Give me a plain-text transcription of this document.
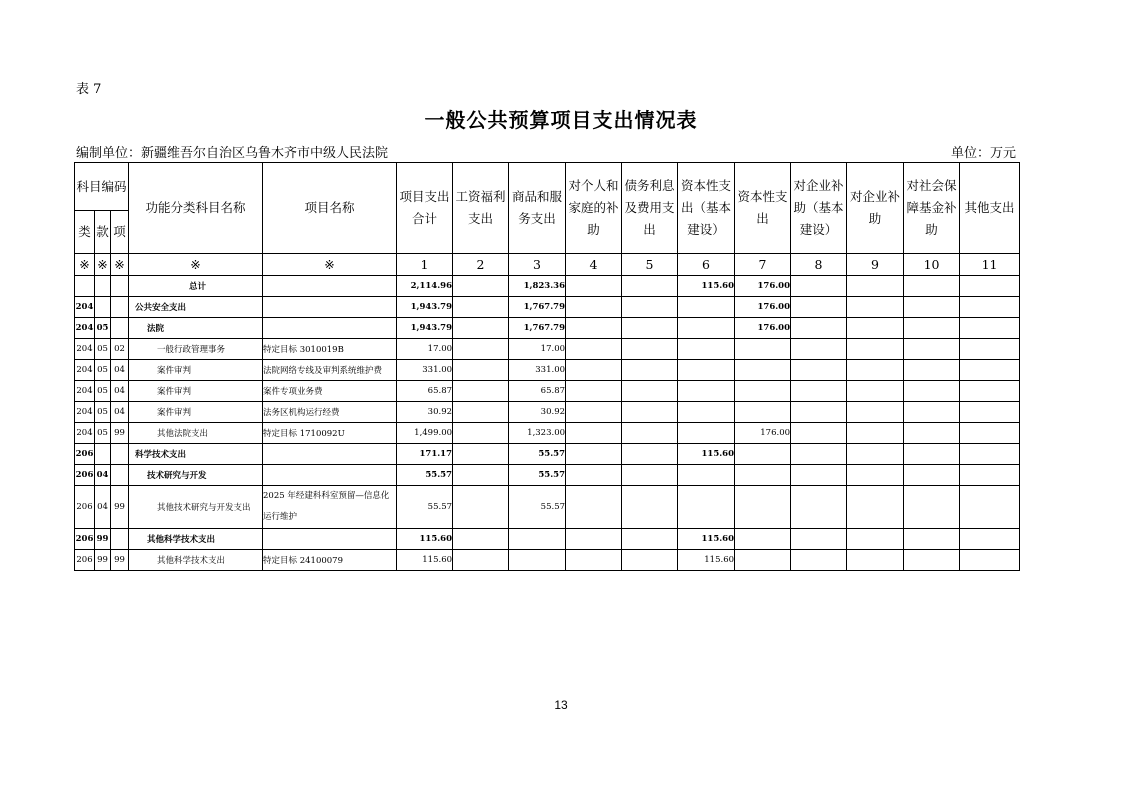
表 7
一般公共预算项目支出情况表
编制单位：新疆维吾尔自治区乌鲁木齐市中级人民法院	单位：万元
科目编码			功能分类科目名称	项目名称	项目支出合计	工资福利支出	商品和服务支出	对个人和家庭的补助	债务利息及费用支出	资本性支出（基本建设）	资本性支出	对企业补助（基本建设）	对企业补助	对社会保障基金补助	其他支出
类	款	项													
※	※	※	※	※	1	2	3	4	5	6	7	8	9	10	11
			总计		2,114.96		1,823.36			115.60	176.00				
204			公共安全支出		1,943.79		1,767.79				176.00				
204	05		法院		1,943.79		1,767.79				176.00				
204	05	02	一般行政管理事务	特定目标 3010019B	17.00		17.00								
204	05	04	案件审判	法院网络专线及审判系统维护费	331.00		331.00								
204	05	04	案件审判	案件专项业务费	65.87		65.87								
204	05	04	案件审判	法务区机构运行经费	30.92		30.92								
204	05	99	其他法院支出	特定目标 1710092U	1,499.00		1,323.00				176.00				
206			科学技术支出		171.17		55.57			115.60					
206	04		技术研究与开发		55.57		55.57								
206	04	99	其他技术研究与开发支出	2025 年经建科科室预留—信息化运行维护	55.57		55.57								
206	99		其他科学技术支出		115.60					115.60					
206	99	99	其他科学技术支出	特定目标 24100079	115.60					115.60					
13
